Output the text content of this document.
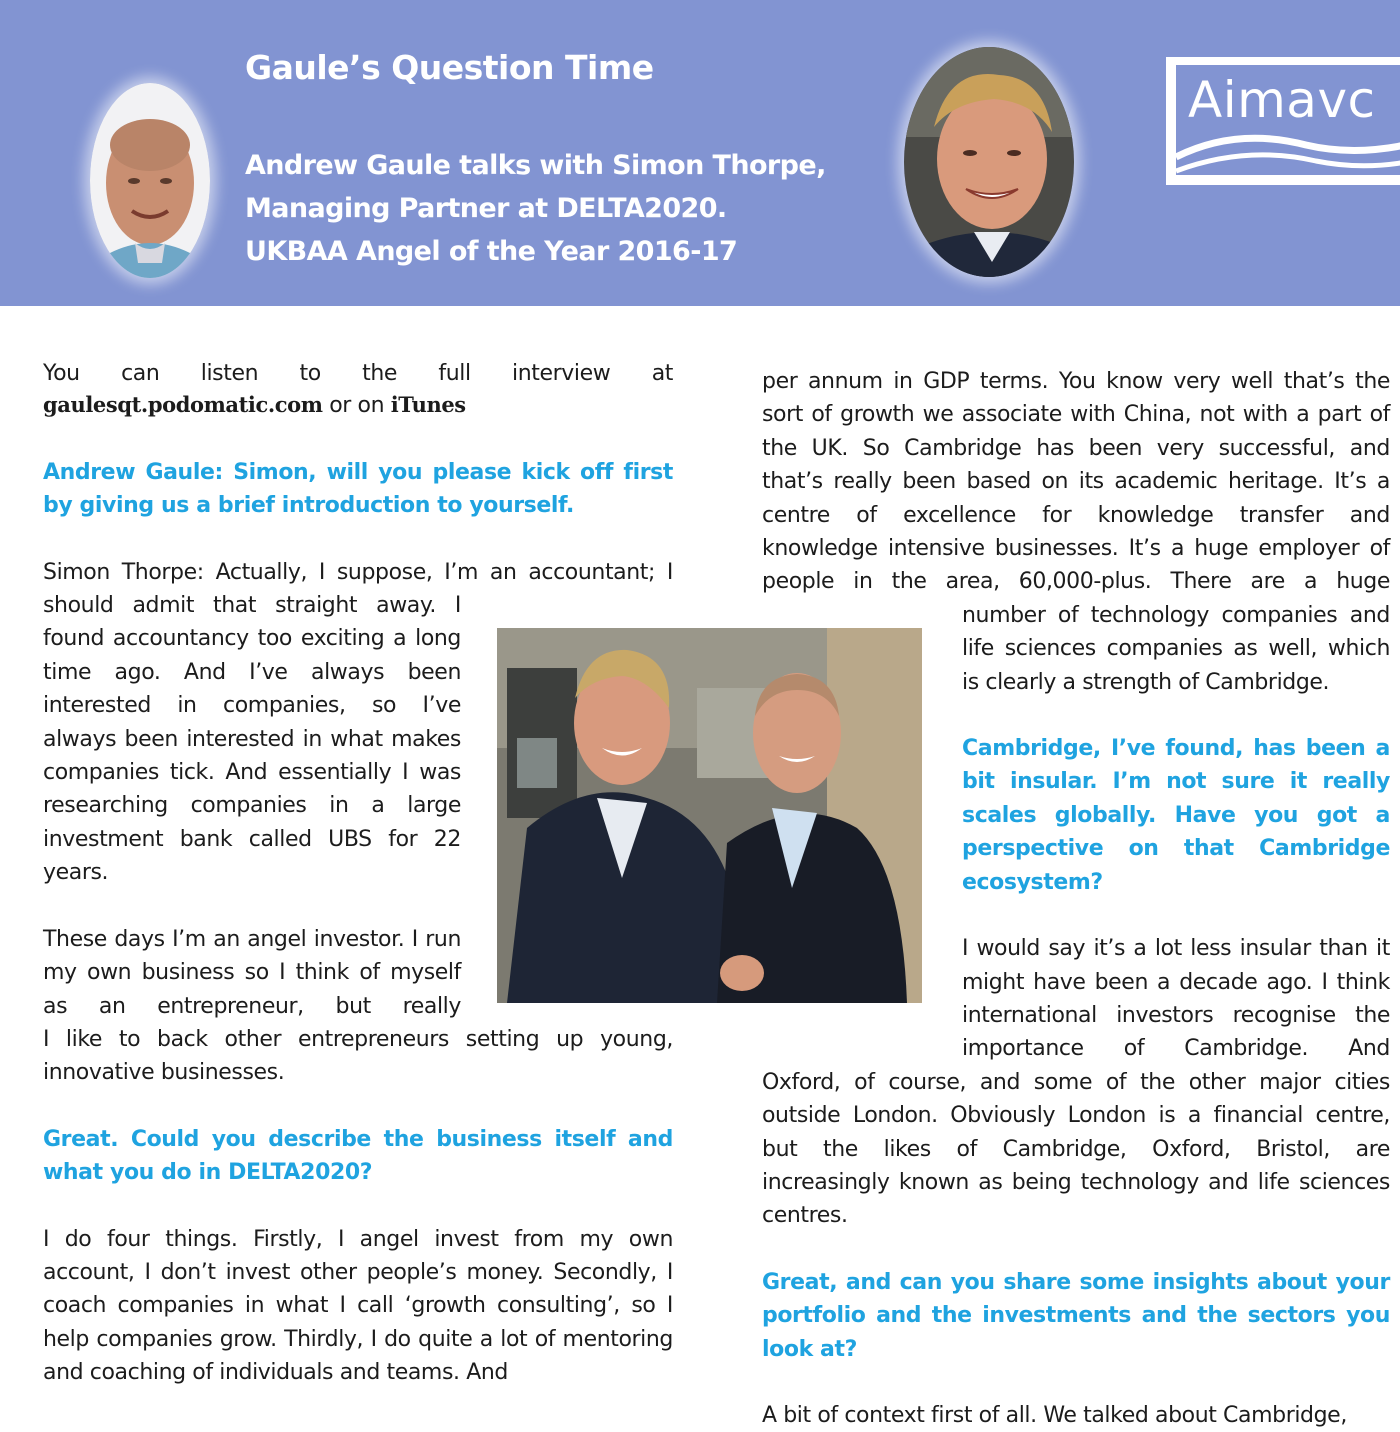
Gaule’s Question Time
Andrew Gaule talks with Simon Thorpe,
Managing Partner at DELTA2020.
UKBAA Angel of the Year 2016-17
Aimavc

You can listen to the full interview at

gaulesqt.podomatic.com or on iTunes

Andrew Gaule: Simon, will you please kick off first by giving us a brief introduction to yourself.

Simon Thorpe: Actually, I suppose, I’m an accountant; I

should admit that straight away. I found accountancy too exciting a long time ago. And I’ve always been interested in companies, so I’ve always been interested in what makes companies tick. And essentially I was researching companies in a large investment bank called UBS for 22 years.

These days I’m an angel investor. I run my own business so I think of myself as an entrepreneur, but really

I like to back other entrepreneurs setting up young, innovative businesses.

Great. Could you describe the business itself and what you do in DELTA2020?

I do four things. Firstly, I angel invest from my own account, I don’t invest other people’s money. Secondly, I coach companies in what I call ‘growth consulting’, so I help companies grow. Thirdly, I do quite a lot of mentoring and coaching of individuals and teams. And

per annum in GDP terms. You know very well that’s the sort of growth we associate with China, not with a part of the UK. So Cambridge has been very successful, and that’s really been based on its academic heritage. It’s a centre of excellence for knowledge transfer and knowledge intensive businesses. It’s a huge employer of people in the area, 60,000-plus. There are a huge

number of technology companies and life sciences companies as well, which is clearly a strength of Cambridge.

Cambridge, I’ve found, has been a bit insular. I’m not sure it really scales globally. Have you got a perspective on that Cambridge ecosystem?

I would say it’s a lot less insular than it might have been a decade ago. I think international investors recognise the importance of Cambridge. And

Oxford, of course, and some of the other major cities outside London. Obviously London is a financial centre, but the likes of Cambridge, Oxford, Bristol, are increasingly known as being technology and life sciences centres.

Great, and can you share some insights about your portfolio and the investments and the sectors you look at?

A bit of context first of all. We talked about Cambridge,
